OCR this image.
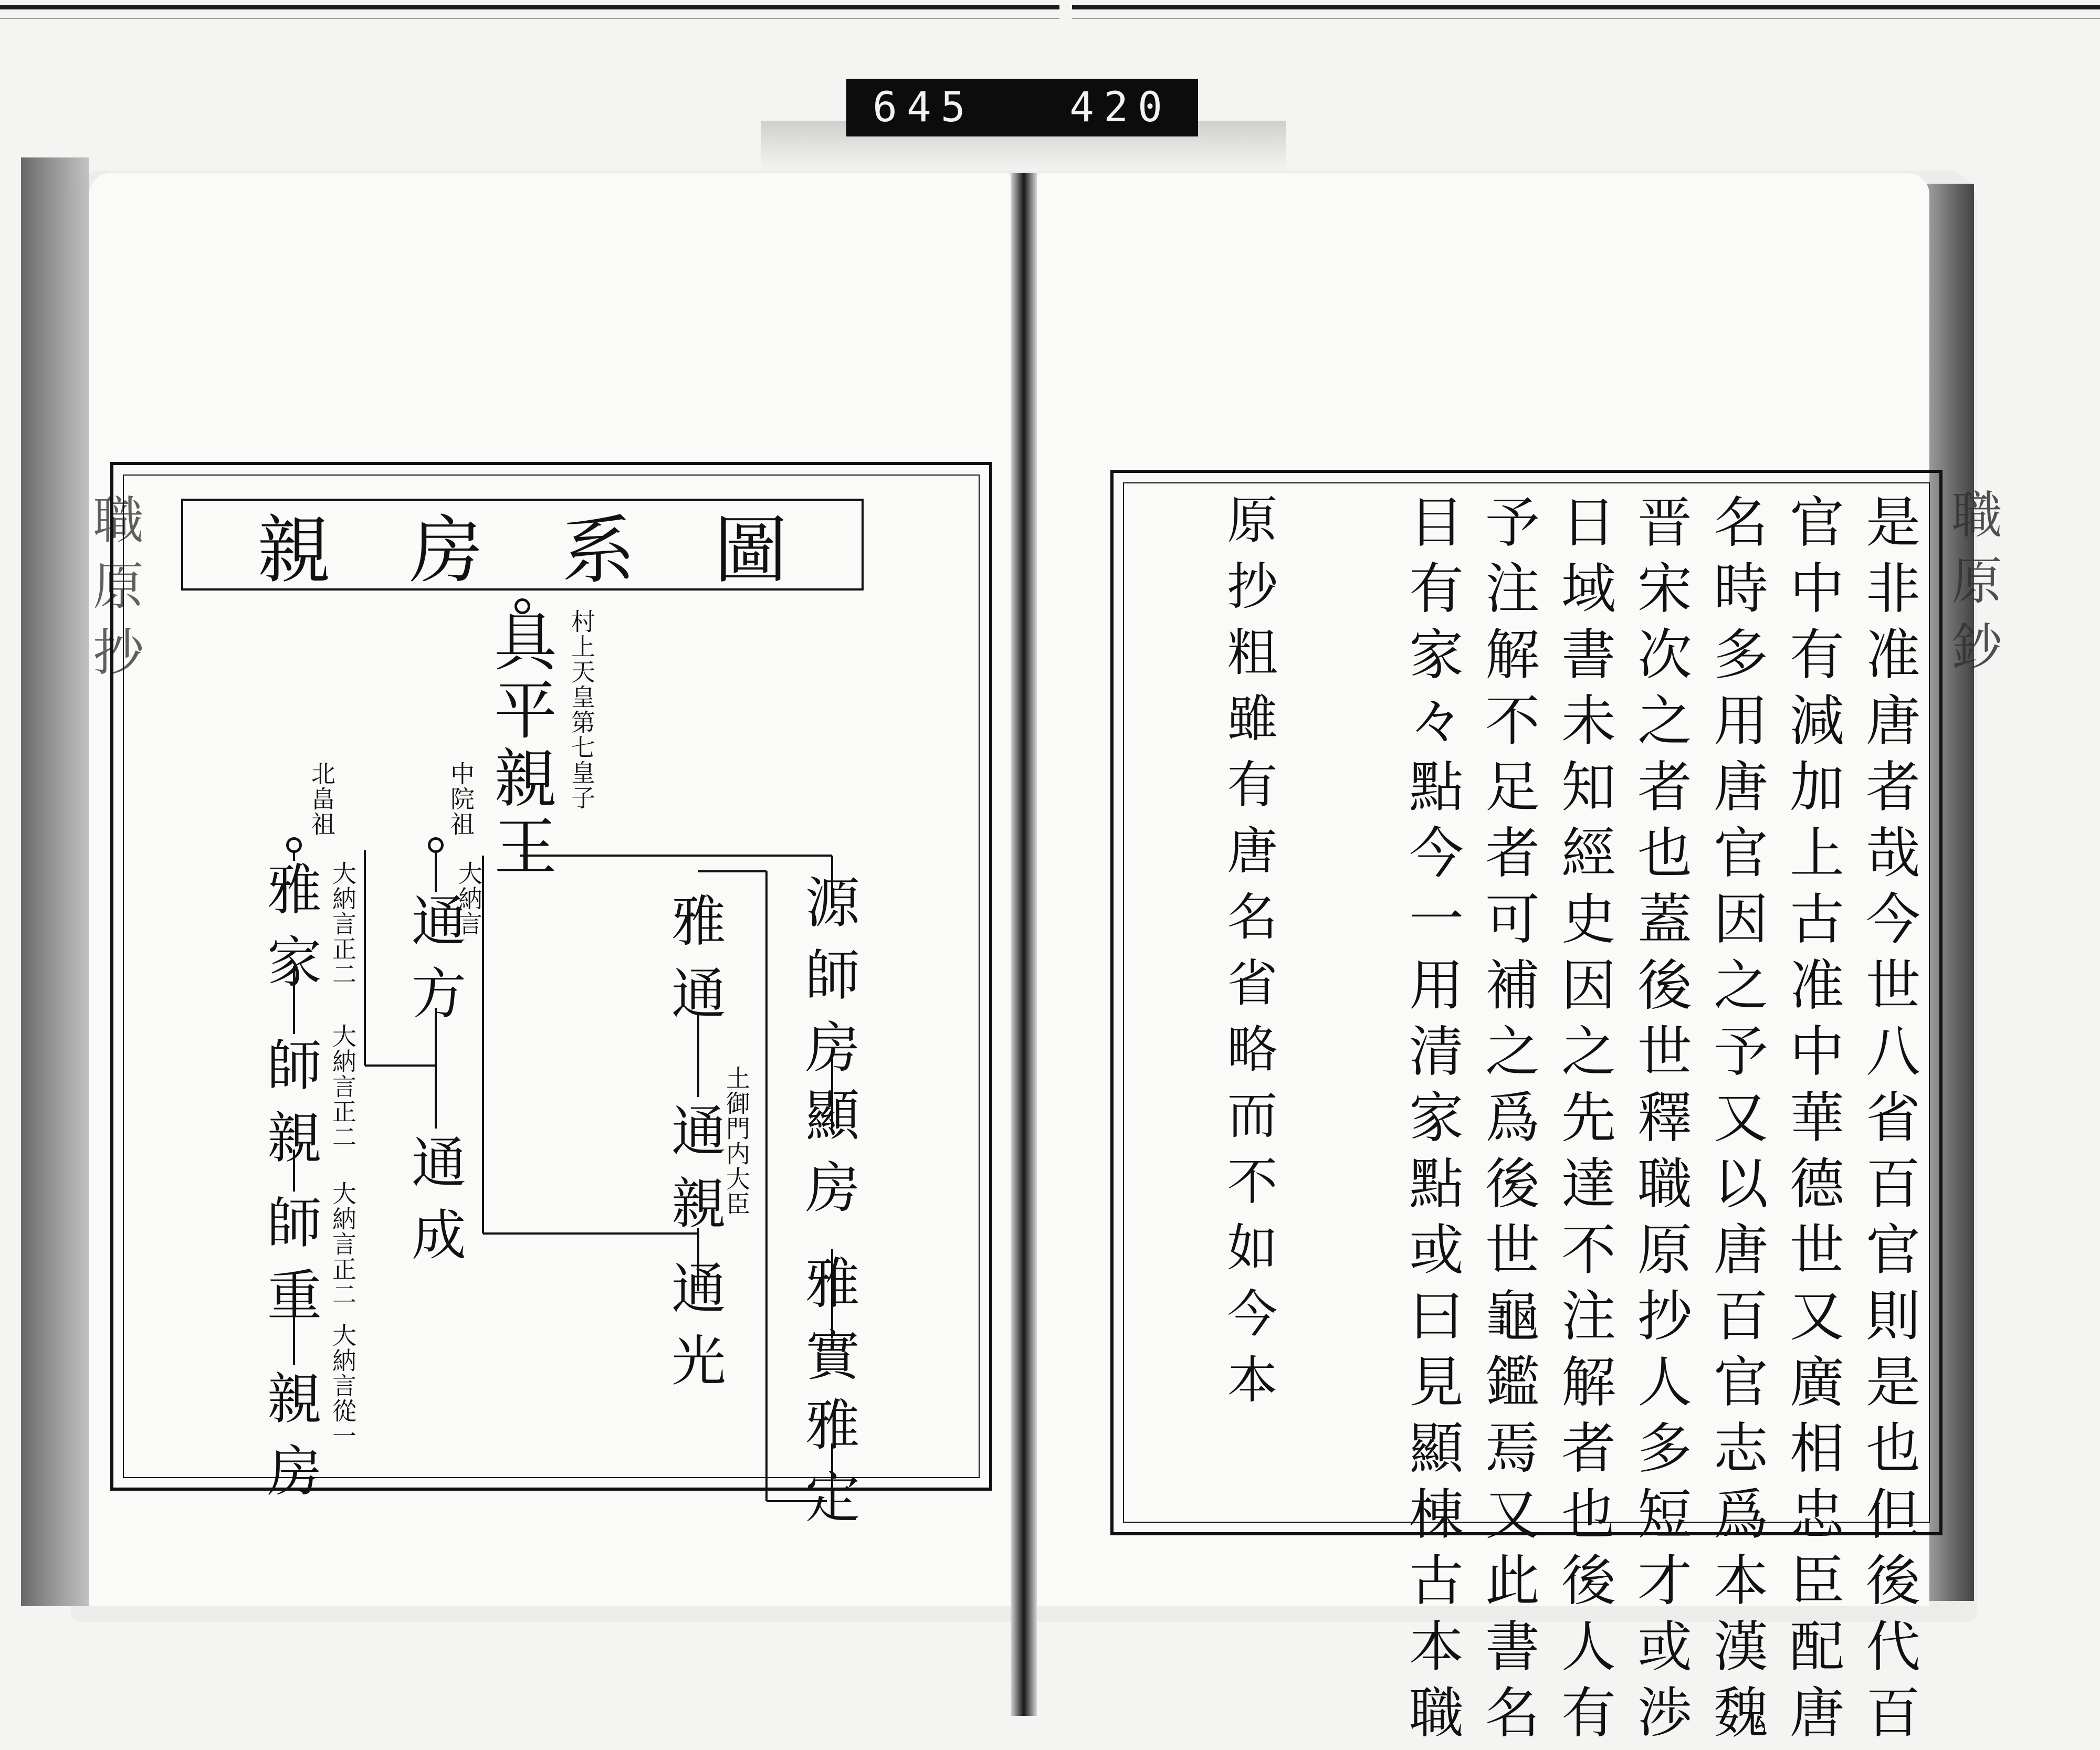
645 420
職原抄	職原鈔
親房系圖
具平親王 村上天皇第七皇子
源師房
顯房
雅實
雅定
雅通
通親
土御門内大臣
通光
中院祖
通方
大納言
通成
北畠祖
雅家 大納言正二
師親 大納言正二
師重 大納言正二
親房 大納言從一	是非准唐者哉今世八省百官則是也但後代百
官中有減加上古准中華德世又廣相忠臣配唐
名時多用唐官因之予又以唐百官志爲本漢魏
晋宋次之者也蓋後世釋職原抄人多短才或渉
日域書未知經史因之先達不注解者也後人有
予注解不足者可補之爲後世龜鑑焉又此書名
目有家々點今一用清家點或曰見顯棟古本職
原抄粗雖有唐名省略而不如今本
